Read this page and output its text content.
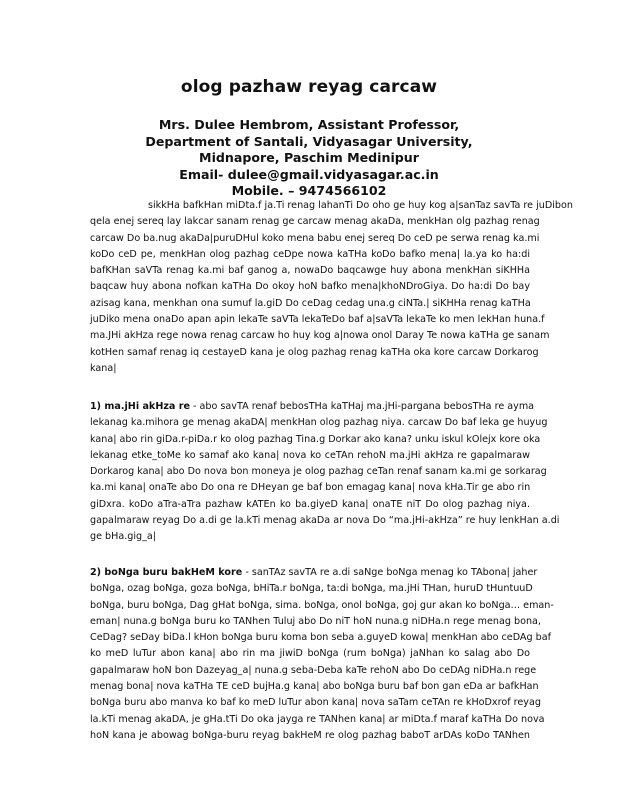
olog pazhaw reyag carcaw
Mrs. Dulee Hembrom, Assistant Professor,
Department of Santali, Vidyasagar University,
Midnapore, Paschim Medinipur
Email- dulee@gmail.vidyasagar.ac.in
Mobile. – 9474566102
sikkHa bafkHan miDta.f ja.Ti renag lahanTi Do oho ge huy kog a|sanTaz savTa re juDibon
qela enej sereq lay lakcar sanam renag ge carcaw menag akaDa, menkHan olg pazhag renag
carcaw Do ba.nug akaDa|puruDHul koko mena babu enej sereq Do ceD pe serwa renag ka.mi
koDo ceD pe, menkHan olog pazhag ceDpe nowa kaTHa koDo bafko mena| la.ya ko ha:di
bafKHan saVTa renag ka.mi baf ganog a, nowaDo baqcawge huy abona menkHan siKHHa
baqcaw huy abona nofkan kaTHa Do okoy hoN bafko mena|khoNDroGiya. Do ha:di Do bay
azisag kana, menkhan ona sumuf la.giD Do ceDag cedag una.g ciNTa.| siKHHa renag kaTHa
juDiko mena onaDo apan apin lekaTe saVTa lekaTeDo baf a|saVTa lekaTe ko men lekHan huna.f
ma.JHi akHza rege nowa renag carcaw ho huy kog a|nowa onol Daray Te nowa kaTHa ge sanam
kotHen samaf renag iq cestayeD kana je olog pazhag renag kaTHa oka kore carcaw Dorkarog
kana|
1) ma.jHi akHza re - abo savTA renaf bebosTHa kaTHaj ma.jHi-pargana bebosTHa re ayma
lekanag ka.mihora ge menag akaDA| menkHan olog pazhag niya. carcaw Do baf leka ge huyug
kana| abo rin giDa.r-piDa.r ko olog pazhag Tina.g Dorkar ako kana? unku iskul kOlejx kore oka
lekanag etke_toMe ko samaf ako kana| nova ko ceTAn rehoN ma.jHi akHza re gapalmaraw
Dorkarog kana| abo Do nova bon moneya je olog pazhag ceTan renaf sanam ka.mi ge sorkarag
ka.mi kana| onaTe abo Do ona re DHeyan ge baf bon emagag kana| nova kHa.Tir ge abo rin
giDxra. koDo aTra-aTra pazhaw kATEn ko ba.giyeD kana| onaTE niT Do olog pazhag niya.
gapalmaraw reyag Do a.di ge la.kTi menag akaDa ar nova Do “ma.jHi-akHza” re huy lenkHan a.di
ge bHa.gig_a|
2) boNga buru bakHeM kore - sanTAz savTA re a.di saNge boNga menag ko TAbona| jaher
boNga, ozag boNga, goza boNga, bHiTa.r boNga, ta:di boNga, ma.jHi THan, huruD tHuntuuD
boNga, buru boNga, Dag gHat boNga, sima. boNga, onol boNga, goj gur akan ko boNga… eman-
eman| nuna.g boNga buru ko TANhen Tuluj abo Do niT hoN nuna.g niDHa.n rege menag bona,
CeDag? seDay biDa.l kHon boNga buru koma bon seba a.guyeD kowa| menkHan abo ceDAg baf
ko meD luTur abon kana| abo rin ma jiwiD boNga (rum boNga) jaNhan ko salag abo Do
gapalmaraw hoN bon Dazeyag_a| nuna.g seba-Deba kaTe rehoN abo Do ceDAg niDHa.n rege
menag bona| nova kaTHa TE ceD bujHa.g kana| abo boNga buru baf bon gan eDa ar bafkHan
boNga buru abo manva ko baf ko meD luTur abon kana| nova saTam ceTAn re kHoDxrof reyag
la.kTi menag akaDA, je gHa.tTi Do oka jayga re TANhen kana| ar miDta.f maraf kaTHa Do nova
hoN kana je abowag boNga-buru reyag bakHeM re olog pazhag baboT arDAs koDo TANhen
